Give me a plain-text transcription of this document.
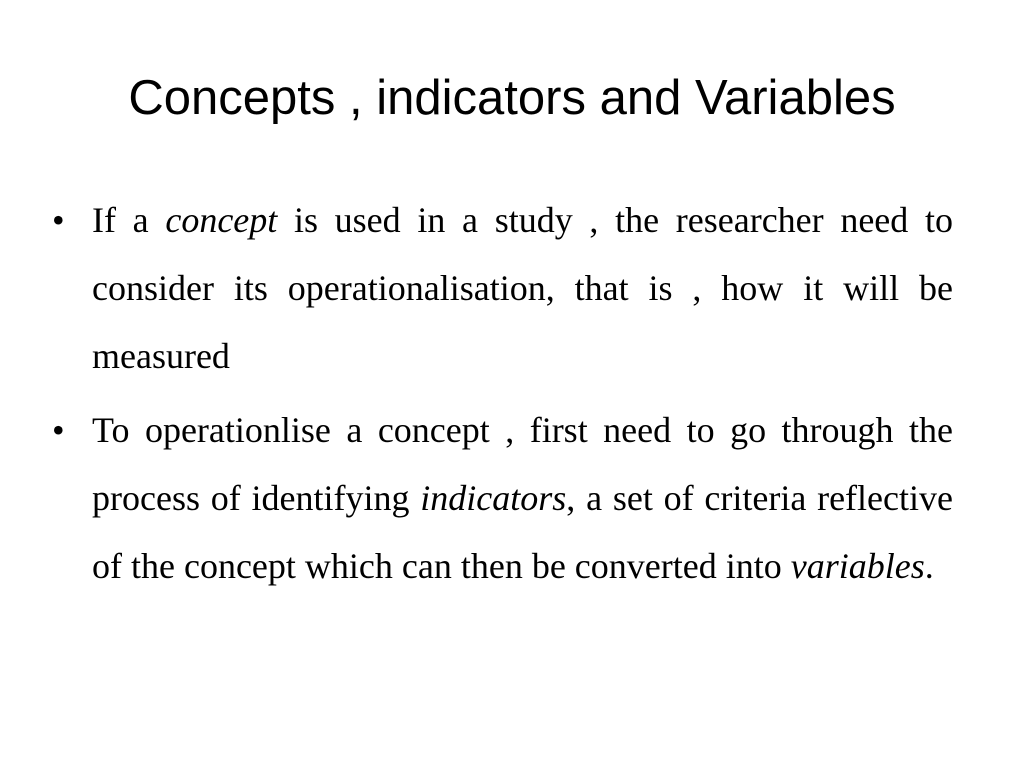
Concepts , indicators and Variables
• If a concept is used in a study , the researcher need to consider its operationalisation, that is , how it will be measured
• To operationlise a concept , first need to go through the process of identifying indicators, a set of criteria reflective of the concept which can then be converted into variables.
